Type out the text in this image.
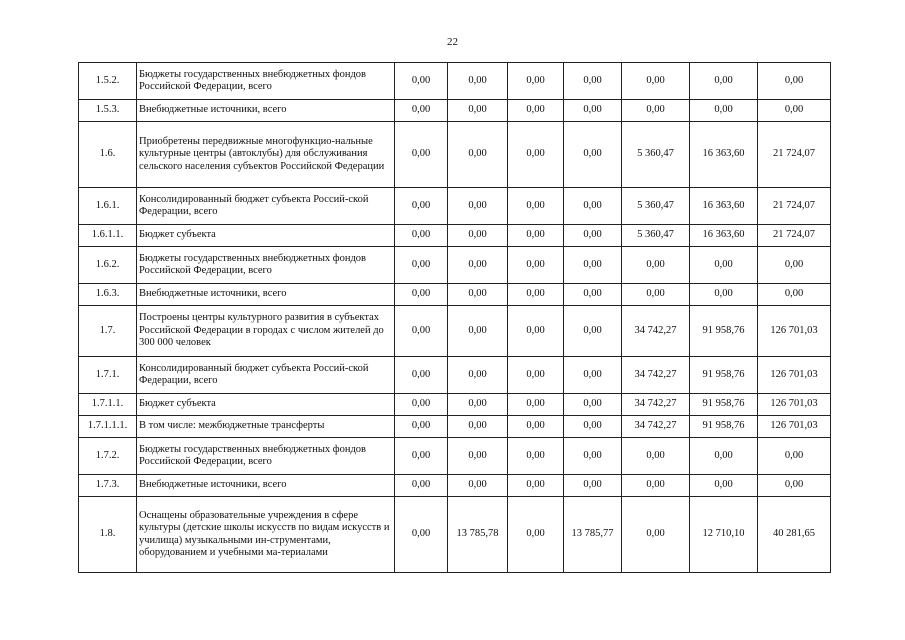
22
1.5.2.	Бюджеты государственных внебюджетных фондов Российской Федерации, всего	0,00	0,00	0,00	0,00	0,00	0,00	0,00
1.5.3.	Внебюджетные источники, всего	0,00	0,00	0,00	0,00	0,00	0,00	0,00
1.6.	Приобретены передвижные многофункцио-нальные культурные центры (автоклубы) для обслуживания сельского населения субъектов Российской Федерации	0,00	0,00	0,00	0,00	5 360,47	16 363,60	21 724,07
1.6.1.	Консолидированный бюджет субъекта Россий-ской Федерации, всего	0,00	0,00	0,00	0,00	5 360,47	16 363,60	21 724,07
1.6.1.1.	Бюджет субъекта	0,00	0,00	0,00	0,00	5 360,47	16 363,60	21 724,07
1.6.2.	Бюджеты государственных внебюджетных фондов Российской Федерации, всего	0,00	0,00	0,00	0,00	0,00	0,00	0,00
1.6.3.	Внебюджетные источники, всего	0,00	0,00	0,00	0,00	0,00	0,00	0,00
1.7.	Построены центры культурного развития в субъектах Российской Федерации в городах с числом жителей до 300 000 человек	0,00	0,00	0,00	0,00	34 742,27	91 958,76	126 701,03
1.7.1.	Консолидированный бюджет субъекта Россий-ской Федерации, всего	0,00	0,00	0,00	0,00	34 742,27	91 958,76	126 701,03
1.7.1.1.	Бюджет субъекта	0,00	0,00	0,00	0,00	34 742,27	91 958,76	126 701,03
1.7.1.1.1.	В том числе: межбюджетные трансферты	0,00	0,00	0,00	0,00	34 742,27	91 958,76	126 701,03
1.7.2.	Бюджеты государственных внебюджетных фондов Российской Федерации, всего	0,00	0,00	0,00	0,00	0,00	0,00	0,00
1.7.3.	Внебюджетные источники, всего	0,00	0,00	0,00	0,00	0,00	0,00	0,00
1.8.	Оснащены образовательные учреждения в сфере культуры (детские школы искусств по видам искусств и училища) музыкальными ин-струментами, оборудованием и учебными ма-териалами	0,00	13 785,78	0,00	13 785,77	0,00	12 710,10	40 281,65
